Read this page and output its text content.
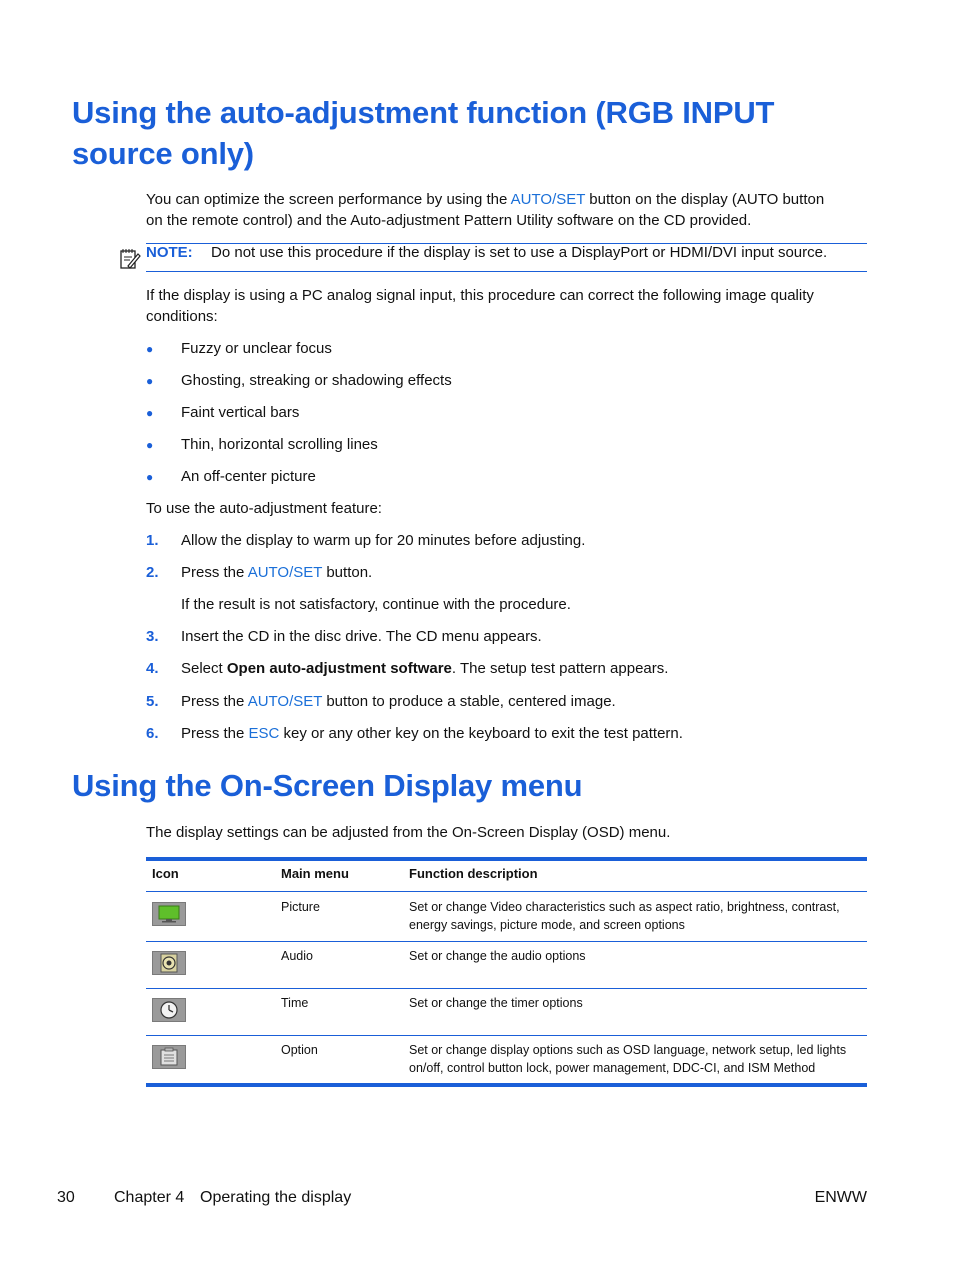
Using the auto-adjustment function (RGB INPUT
source only)
You can optimize the screen performance by using the AUTO/SET button on the display (AUTO button
on the remote control) and the Auto-adjustment Pattern Utility software on the CD provided.
NOTE: Do not use this procedure if the display is set to use a DisplayPort or HDMI/DVI input source.
If the display is using a PC analog signal input, this procedure can correct the following image quality
conditions:
● Fuzzy or unclear focus
● Ghosting, streaking or shadowing effects
● Faint vertical bars
● Thin, horizontal scrolling lines
● An off-center picture
To use the auto-adjustment feature:
1. Allow the display to warm up for 20 minutes before adjusting.
2. Press the AUTO/SET button.
If the result is not satisfactory, continue with the procedure.
3. Insert the CD in the disc drive. The CD menu appears.
4. Select Open auto-adjustment software. The setup test pattern appears.
5. Press the AUTO/SET button to produce a stable, centered image.
6. Press the ESC key or any other key on the keyboard to exit the test pattern.
Using the On-Screen Display menu
The display settings can be adjusted from the On-Screen Display (OSD) menu.
Icon	Main menu	Function description
Picture	Set or change Video characteristics such as aspect ratio, brightness, contrast,
energy savings, picture mode, and screen options
Audio	Set or change the audio options
Time	Set or change the timer options
Option	Set or change display options such as OSD language, network setup, led lights
on/off, control button lock, power management, DDC-CI, and ISM Method
30 Chapter 4 Operating the display	ENWW
